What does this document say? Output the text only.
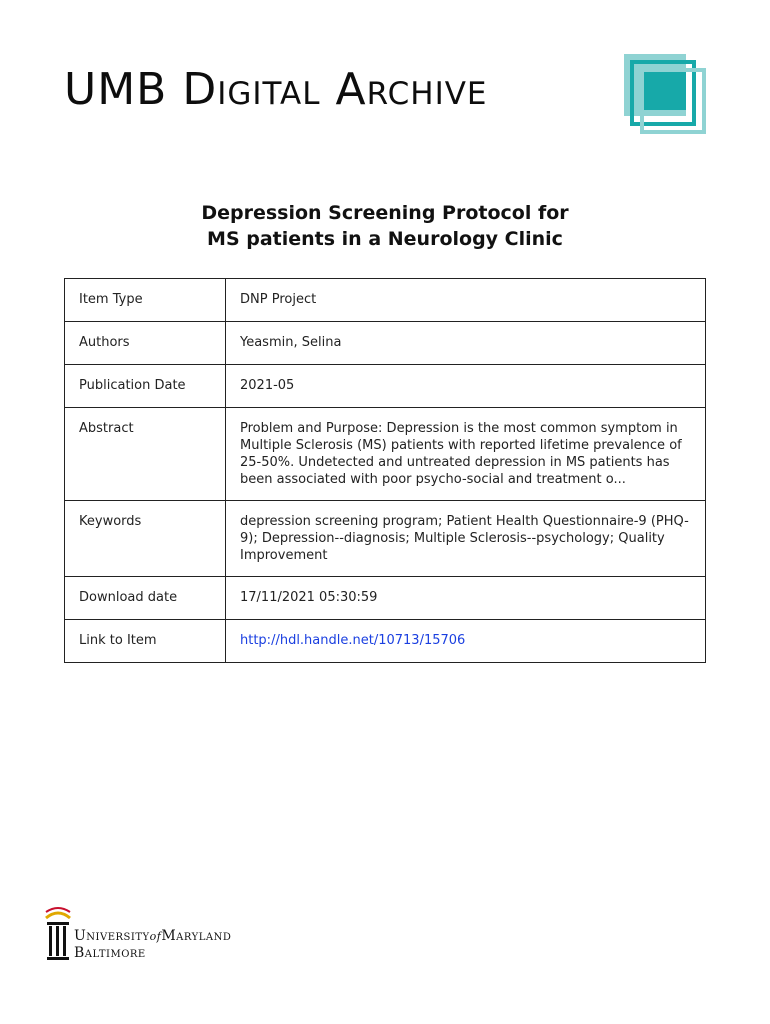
UMB Digital Archive
Depression Screening Protocol for
MS patients in a Neurology Clinic
Item Type	DNP Project
Authors	Yeasmin, Selina
Publication Date	2021-05
Abstract	Problem and Purpose: Depression is the most common symptom in Multiple Sclerosis (MS) patients with reported lifetime prevalence of 25-50%. Undetected and untreated depression in MS patients has been associated with poor psycho-social and treatment o...
Keywords	depression screening program; Patient Health Questionnaire-9 (PHQ-9); Depression--diagnosis; Multiple Sclerosis--psychology; Quality Improvement
Download date	17/11/2021 05:30:59
Link to Item	http://hdl.handle.net/10713/15706
UniversityofMaryland
Baltimore
